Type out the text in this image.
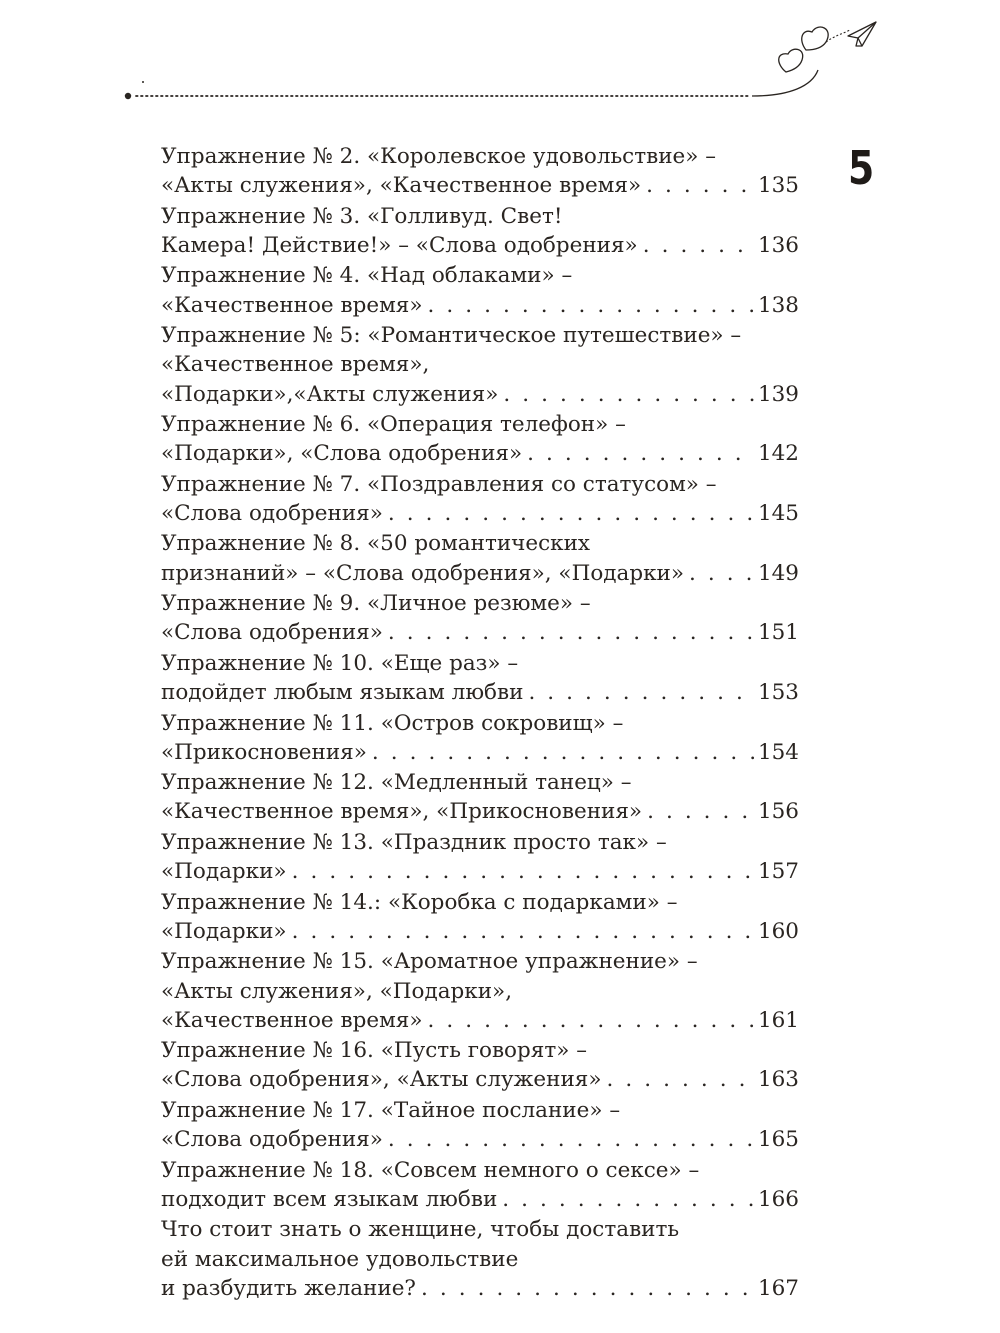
5
Упражнение № 2. «Королевское удовольствие» –
«Акты служения», «Качественное время» . . .	135
Упражнение № 3. «Голливуд. Свет!
Камера! Действие!» – «Слова одобрения» . . .	136
Упражнение № 4. «Над облаками» –
«Качественное время» . . .	138
Упражнение № 5: «Романтическое путешествие» –
«Качественное время»,
«Подарки»,«Акты служения» . . .	139
Упражнение № 6. «Операция телефон» –
«Подарки», «Слова одобрения» . . .	142
Упражнение № 7. «Поздравления со статусом» –
«Слова одобрения» . . .	145
Упражнение № 8. «50 романтических
признаний» – «Слова одобрения», «Подарки» . . .	149
Упражнение № 9. «Личное резюме» –
«Слова одобрения» . . .	151
Упражнение № 10. «Еще раз» –
подойдет любым языкам любви . . .	153
Упражнение № 11. «Остров сокровищ» –
«Прикосновения» . . .	154
Упражнение № 12. «Медленный танец» –
«Качественное время», «Прикосновения» . . .	156
Упражнение № 13. «Праздник просто так» –
«Подарки» . . .	157
Упражнение № 14.: «Коробка с подарками» –
«Подарки» . . .	160
Упражнение № 15. «Ароматное упражнение» –
«Акты служения», «Подарки»,
«Качественное время» . . .	161
Упражнение № 16. «Пусть говорят» –
«Слова одобрения», «Акты служения» . . .	163
Упражнение № 17. «Тайное послание» –
«Слова одобрения» . . .	165
Упражнение № 18. «Совсем немного о сексе» –
подходит всем языкам любви . . .	166
Что стоит знать о женщине, чтобы доставить
ей максимальное удовольствие
и разбудить желание? . . .	167
